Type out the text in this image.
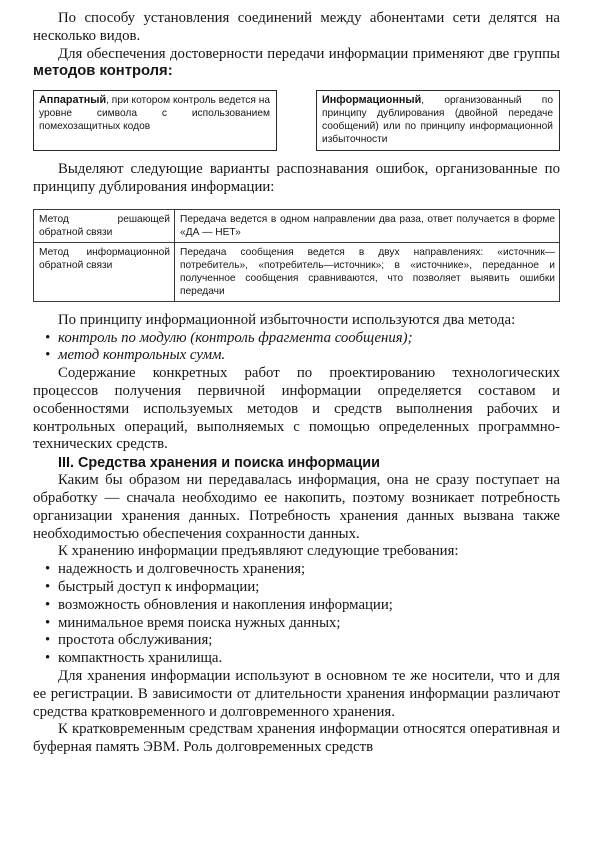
По способу установления соединений между абонентами сети делятся на несколько видов.

Для обеспечения достоверности передачи информации применяют две группы методов контроля:

Аппаратный, при котором контроль ведется на уровне символа с использованием помехозащитных кодов
Информационный, организованный по принципу дублирования (двойной передаче сообщений) или по принципу информационной избыточности

Выделяют следующие варианты распознавания ошибок, организованные по принципу дублирования информации:

Метод решающей обратной связи	Передача ведется в одном направлении два раза, ответ получается в форме «ДА — НЕТ»
Метод информационной обратной связи	Передача сообщения ведется в двух направлениях: «источник—потребитель», «потребитель—источник»; в «источнике», переданное и полученное сообщения сравниваются, что позволяет выявить ошибки передачи

По принципу информационной избыточности используются два метода:

• контроль по модулю (контроль фрагмента сообщения);
• метод контрольных сумм.

Содержание конкретных работ по проектированию технологических процессов получения первичной информации определяется составом и особенностями используемых методов и средств выполнения рабочих и контрольных операций, выполняемых с помощью определенных программно-технических средств.

III. Средства хранения и поиска информации

Каким бы образом ни передавалась информация, она не сразу поступает на обработку — сначала необходимо ее накопить, поэтому возникает потребность организации хранения данных. Потребность хранения данных вызвана также необходимостью обеспечения сохранности данных.

К хранению информации предъявляют следующие требования:

• надежность и долговечность хранения;
• быстрый доступ к информации;
• возможность обновления и накопления информации;
• минимальное время поиска нужных данных;
• простота обслуживания;
• компактность хранилища.

Для хранения информации используют в основном те же носители, что и для ее регистрации. В зависимости от длительности хранения информации различают средства кратковременного и долговременного хранения.

К кратковременным средствам хранения информации относятся оперативная и буферная память ЭВМ. Роль долговременных средств
